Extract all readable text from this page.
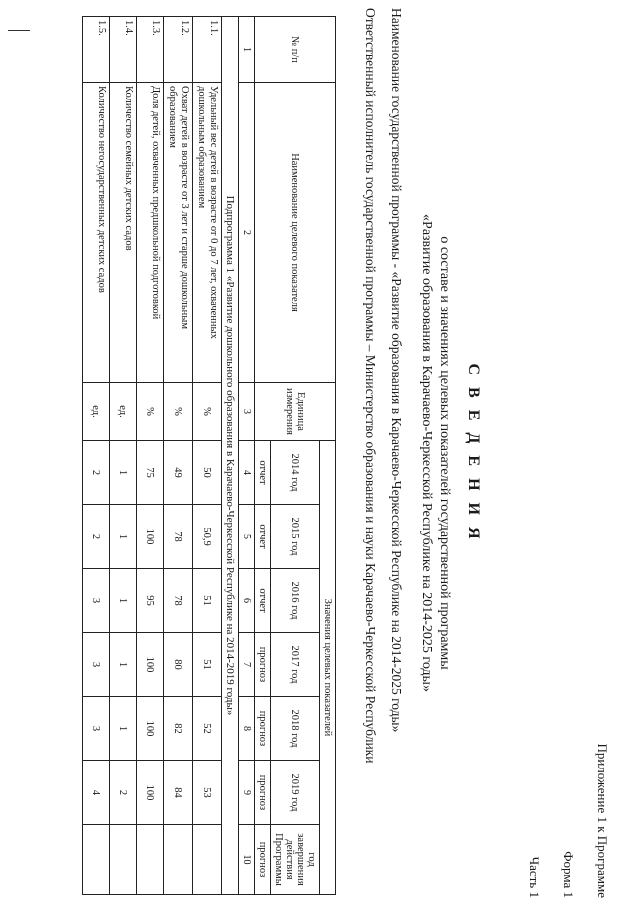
Приложение 1 к Программе
Форма 1
Часть 1
С В Е Д Е Н И Я
о составе и значениях целевых показателей государственной программы
«Развитие образования в Карачаево-Черкесской Республике на 2014-2025 годы»
Наименование государственной программы - «Развитие образования в Карачаево-Черкесской Республике на 2014-2025 годы»
Ответственный исполнитель государственной программы – Министерство образования и науки Карачаево-Черкесской Республики
№ п/п	Наименование целевого показателя	Единица измерения	Значения целевых показателей						
			2014 год	2015 год	2016 год	2017 год	2018 год	2019 год	год завершения действия Программы
			отчет	отчет	отчет	прогноз	прогноз	прогноз	прогноз
1	2	3	4	5	6	7	8	9	10
Подпрограмма 1 «Развитие дошкольного образования в Карачаево-Черкесской Республике на 2014-2019 годы»									
1.1.	Удельный вес детей в возрасте от 0 до 7 лет, охваченных дошкольным образованием	%	50	50,9	51	51	52	53	
1.2.	Охват детей в возрасте от 3 лет и старше дошкольным образованием	%	49	78	78	80	82	84	
1.3.	Доля детей, охваченных предшкольной подготовкой	%	75	100	95	100	100	100	
1.4.	Количество семейных детских садов	ед.	1	1	1	1	1	2	
1.5.	Количество негосударственных детских садов	ед.	2	2	3	3	3	4	
